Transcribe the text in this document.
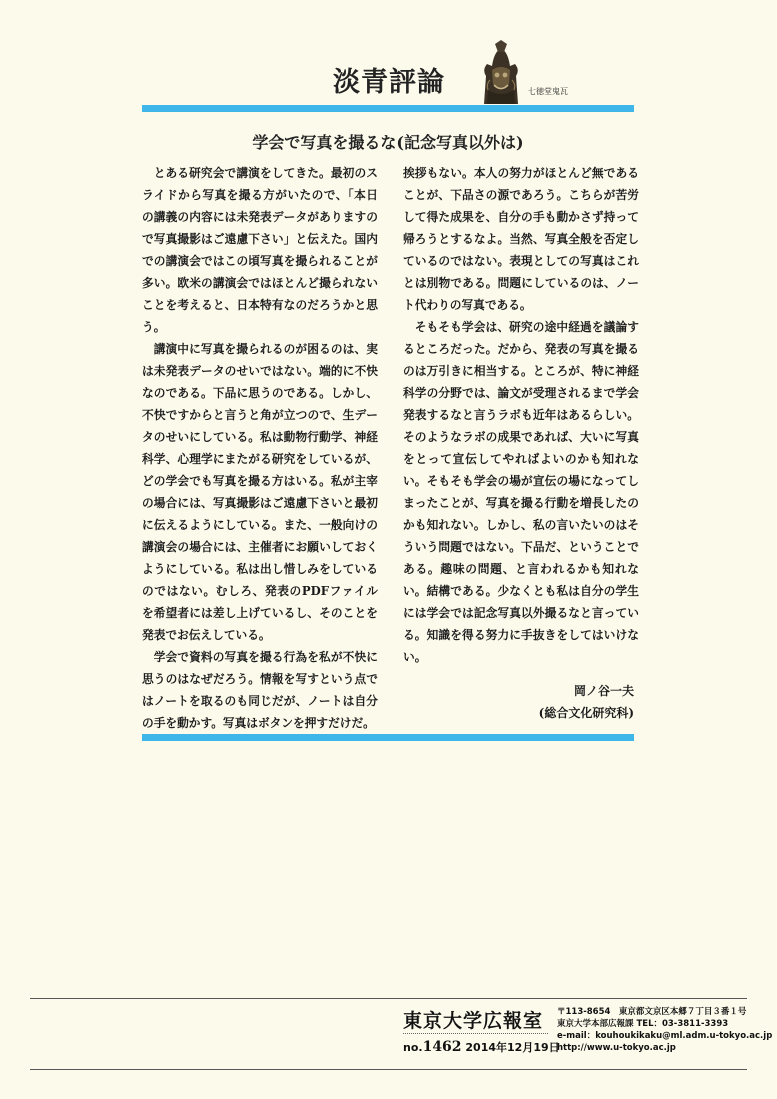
淡青評論	七徳堂鬼瓦
学会で写真を撮るな(記念写真以外は)

とある研究会で講演をしてきた。最初のスライドから写真を撮る方がいたので、「本日の講義の内容には未発表データがありますので写真撮影はご遠慮下さい」と伝えた。国内での講演会ではこの頃写真を撮られることが多い。欧米の講演会ではほとんど撮られないことを考えると、日本特有なのだろうかと思う。

講演中に写真を撮られるのが困るのは、実は未発表データのせいではない。端的に不快なのである。下品に思うのである。しかし、不快ですからと言うと角が立つので、生データのせいにしている。私は動物行動学、神経科学、心理学にまたがる研究をしているが、どの学会でも写真を撮る方はいる。私が主宰の場合には、写真撮影はご遠慮下さいと最初に伝えるようにしている。また、一般向けの講演会の場合には、主催者にお願いしておくようにしている。私は出し惜しみをしているのではない。むしろ、発表のPDFファイルを希望者には差し上げているし、そのことを発表でお伝えしている。

学会で資料の写真を撮る行為を私が不快に思うのはなぜだろう。情報を写すという点ではノートを取るのも同じだが、ノートは自分の手を動かす。写真はボタンを押すだけだ。

挨拶もない。本人の努力がほとんど無であることが、下品さの源であろう。こちらが苦労して得た成果を、自分の手も動かさず持って帰ろうとするなよ。当然、写真全般を否定しているのではない。表現としての写真はこれとは別物である。問題にしているのは、ノート代わりの写真である。

そもそも学会は、研究の途中経過を議論するところだった。だから、発表の写真を撮るのは万引きに相当する。ところが、特に神経科学の分野では、論文が受理されるまで学会発表するなと言うラボも近年はあるらしい。そのようなラボの成果であれば、大いに写真をとって宣伝してやればよいのかも知れない。そもそも学会の場が宣伝の場になってしまったことが、写真を撮る行動を増長したのかも知れない。しかし、私の言いたいのはそういう問題ではない。下品だ、ということである。趣味の問題、と言われるかも知れない。結構である。少なくとも私は自分の学生には学会では記念写真以外撮るなと言っている。知識を得る努力に手抜きをしてはいけない。

岡ノ谷一夫
(総合文化研究科)
東京大学広報室
no.1462 2014年12月19日
〒113-8654　東京都文京区本郷７丁目３番１号
東京大学本部広報課 TEL：03-3811-3393
e-mail：kouhoukikaku@ml.adm.u-tokyo.ac.jp
http://www.u-tokyo.ac.jp
